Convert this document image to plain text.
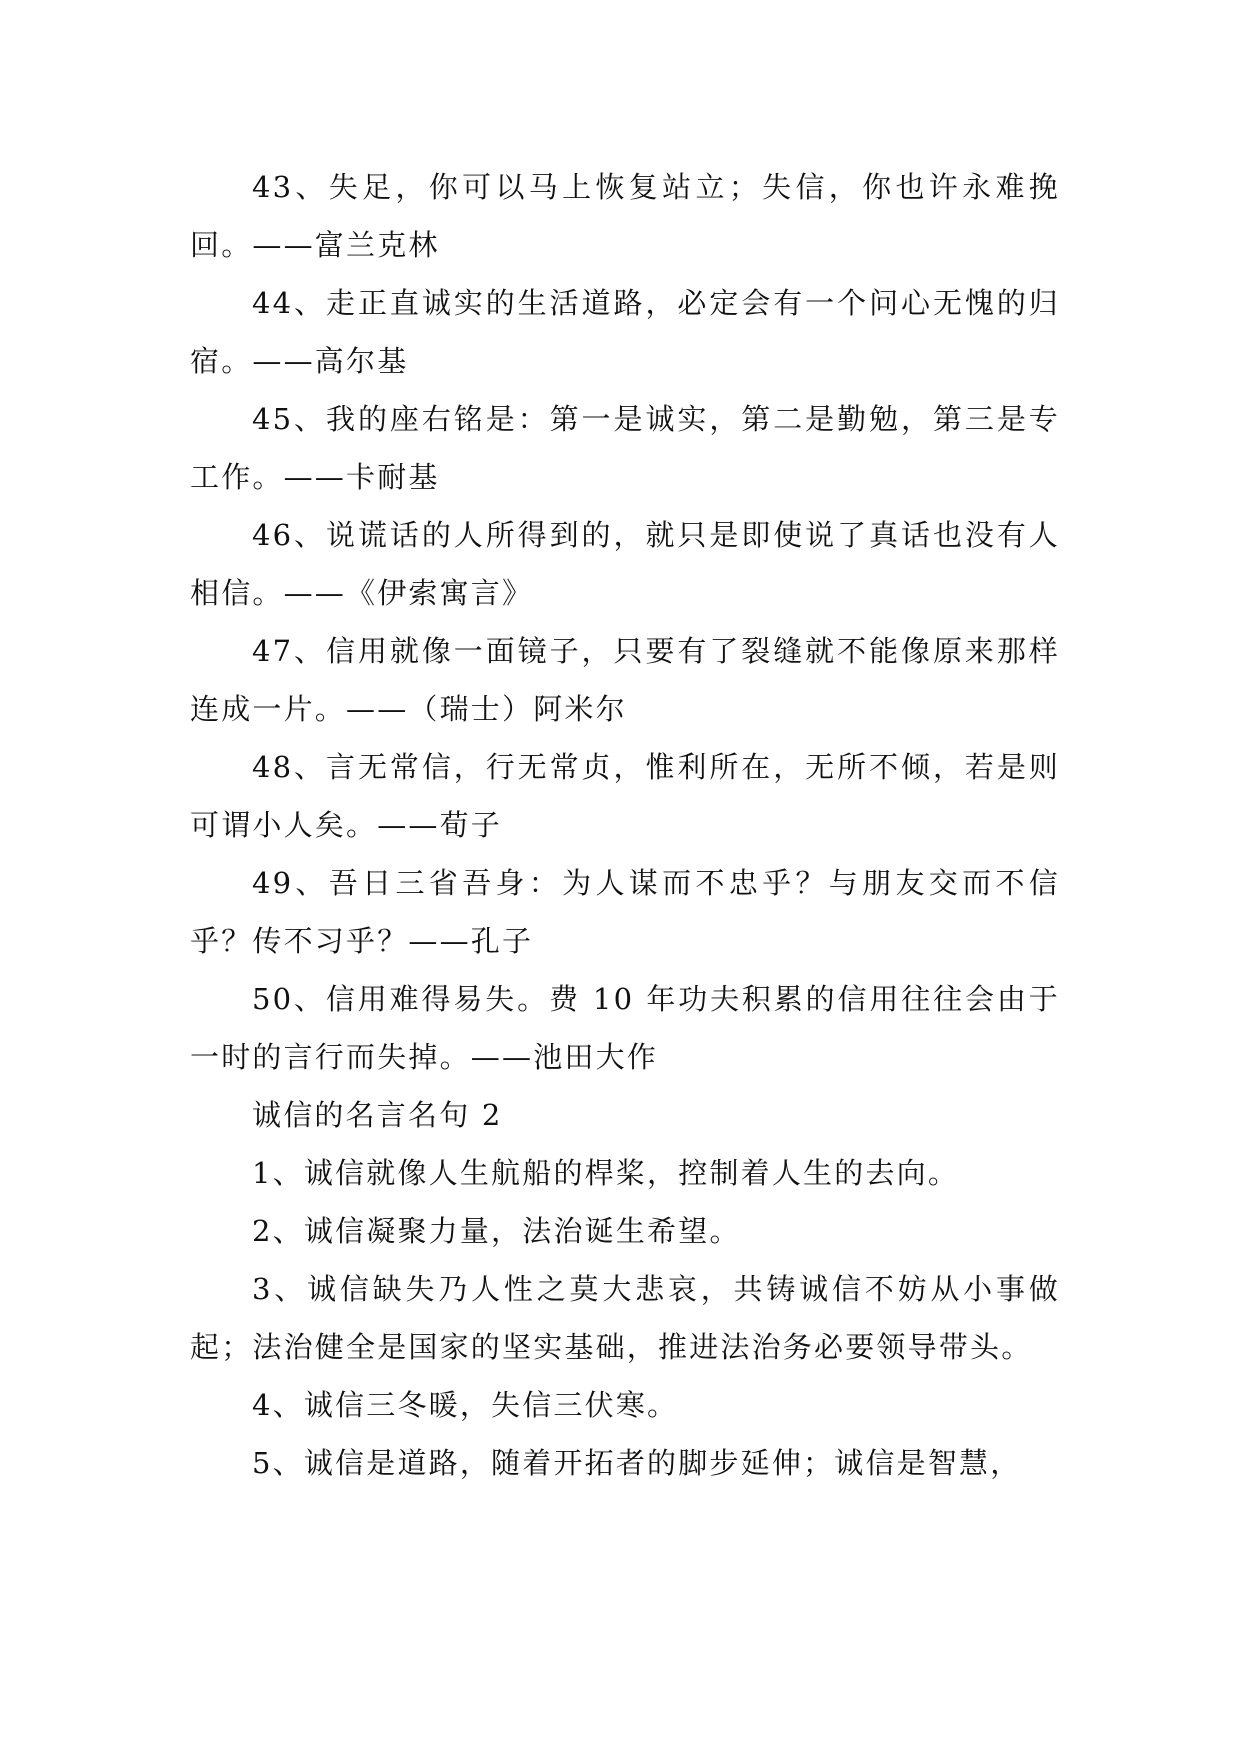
43、失足，你可以马上恢复站立；失信，你也许永难挽回。——富兰克林

44、走正直诚实的生活道路，必定会有一个问心无愧的归宿。——高尔基

45、我的座右铭是：第一是诚实，第二是勤勉，第三是专工作。——卡耐基

46、说谎话的人所得到的，就只是即使说了真话也没有人相信。——《伊索寓言》

47、信用就像一面镜子，只要有了裂缝就不能像原来那样连成一片。——（瑞士）阿米尔

48、言无常信，行无常贞，惟利所在，无所不倾，若是则可谓小人矣。——荀子

49、吾日三省吾身：为人谋而不忠乎？与朋友交而不信乎？传不习乎？——孔子

50、信用难得易失。费 10 年功夫积累的信用往往会由于一时的言行而失掉。——池田大作

诚信的名言名句 2

1、诚信就像人生航船的桿桨，控制着人生的去向。

2、诚信凝聚力量，法治诞生希望。

3、诚信缺失乃人性之莫大悲哀，共铸诚信不妨从小事做起；法治健全是国家的坚实基础，推进法治务必要领导带头。

4、诚信三冬暖，失信三伏寒。

5、诚信是道路，随着开拓者的脚步延伸；诚信是智慧，
